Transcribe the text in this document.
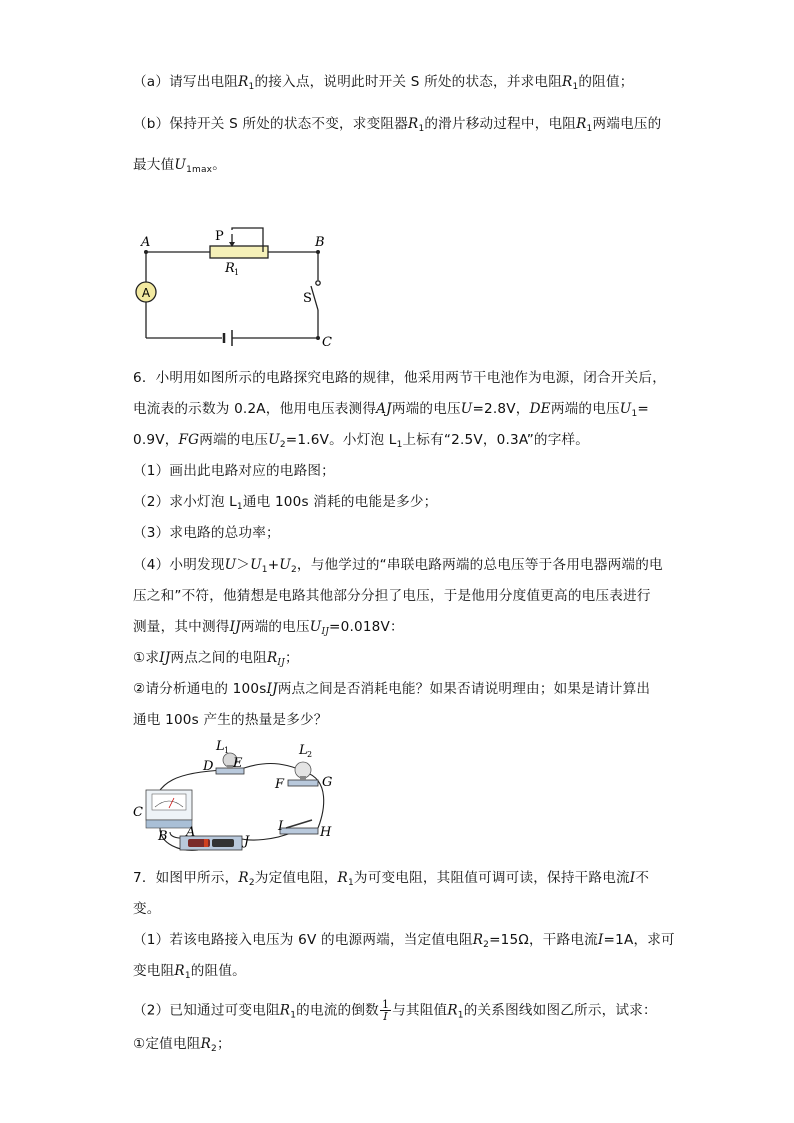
（a）请写出电阻$R_1$的接入点，说明此时开关 S 所处的状态，并求电阻$R_1$的阻值；
（b）保持开关 S 所处的状态不变，求变阻器$R_1$的滑片移动过程中，电阻$R_1$两端电压的
最大值$U_{1max}$。
A
A	B
C
P
S
R 1
6．小明用如图所示的电路探究电路的规律，他采用两节干电池作为电源，闭合开关后，
电流表的示数为 0.2A，他用电压表测得AJ两端的电压U=2.8V，DE两端的电压$U_1=$
0.9V，FG两端的电压$U_2=1.6V$。小灯泡 $L_1$上标有“2.5V，0.3A”的字样。
（1）画出此电路对应的电路图；
（2）求小灯泡 $L_1$通电 100s 消耗的电能是多少；
（3）求电路的总功率；
（4）小明发现$U>U_1+U_2$，与他学过的“串联电路两端的总电压等于各用电器两端的电
压之和”不符，他猜想是电路其他部分分担了电压，于是他用分度值更高的电压表进行
测量，其中测得IJ两端的电压$U_{IJ}=0.018V$：
①求IJ两点之间的电阻$R_{IJ}$；
②请分析通电的 100sIJ两点之间是否消耗电能？如果否请说明理由；如果是请计算出
通电 100s 产生的热量是多少？
L 1	L 2
D E
F	G
C
B A
J
I	H
7．如图甲所示，$R_2$为定值电阻，$R_1$为可变电阻，其阻值可调可读，保持干路电流I不
变。
（1）若该电路接入电压为 6V 的电源两端，当定值电阻$R_2=15\Omega$，干路电流I=1A，求可
变电阻$R_1$的阻值。
（2）已知通过可变电阻$R_1$的电流的倒数 $\frac{1}{I}$ 与其阻值$R_1$的关系图线如图乙所示，试求：
①定值电阻$R_2$；
